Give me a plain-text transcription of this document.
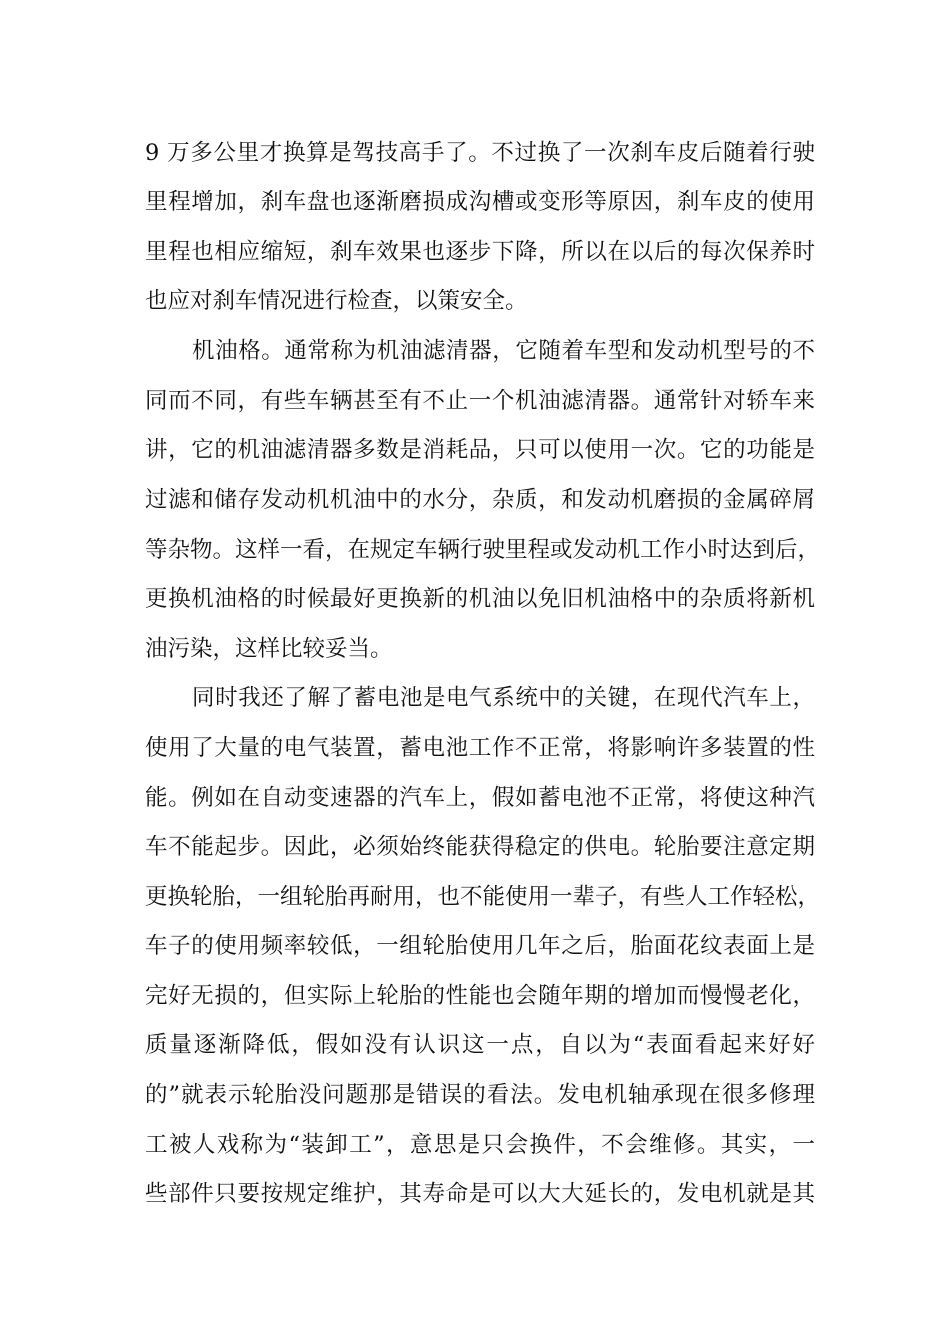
9 万多公里才换算是驾技高手了。不过换了一次刹车皮后随着行驶
里程增加，刹车盘也逐渐磨损成沟槽或变形等原因，刹车皮的使用
里程也相应缩短，刹车效果也逐步下降，所以在以后的每次保养时
也应对刹车情况进行检查，以策安全。
机油格。通常称为机油滤清器，它随着车型和发动机型号的不
同而不同，有些车辆甚至有不止一个机油滤清器。通常针对轿车来
讲，它的机油滤清器多数是消耗品，只可以使用一次。它的功能是
过滤和储存发动机机油中的水分，杂质，和发动机磨损的金属碎屑
等杂物。这样一看，在规定车辆行驶里程或发动机工作小时达到后，
更换机油格的时候最好更换新的机油以免旧机油格中的杂质将新机
油污染，这样比较妥当。
同时我还了解了蓄电池是电气系统中的关键，在现代汽车上，
使用了大量的电气装置，蓄电池工作不正常，将影响许多装置的性
能。例如在自动变速器的汽车上，假如蓄电池不正常，将使这种汽
车不能起步。因此，必须始终能获得稳定的供电。轮胎要注意定期
更换轮胎，一组轮胎再耐用，也不能使用一辈子，有些人工作轻松，
车子的使用频率较低，一组轮胎使用几年之后，胎面花纹表面上是
完好无损的，但实际上轮胎的性能也会随年期的增加而慢慢老化，
质量逐渐降低，假如没有认识这一点，自以为“表面看起来好好
的”就表示轮胎没问题那是错误的看法。发电机轴承现在很多修理
工被人戏称为“装卸工”，意思是只会换件，不会维修。其实，一
些部件只要按规定维护，其寿命是可以大大延长的，发电机就是其
